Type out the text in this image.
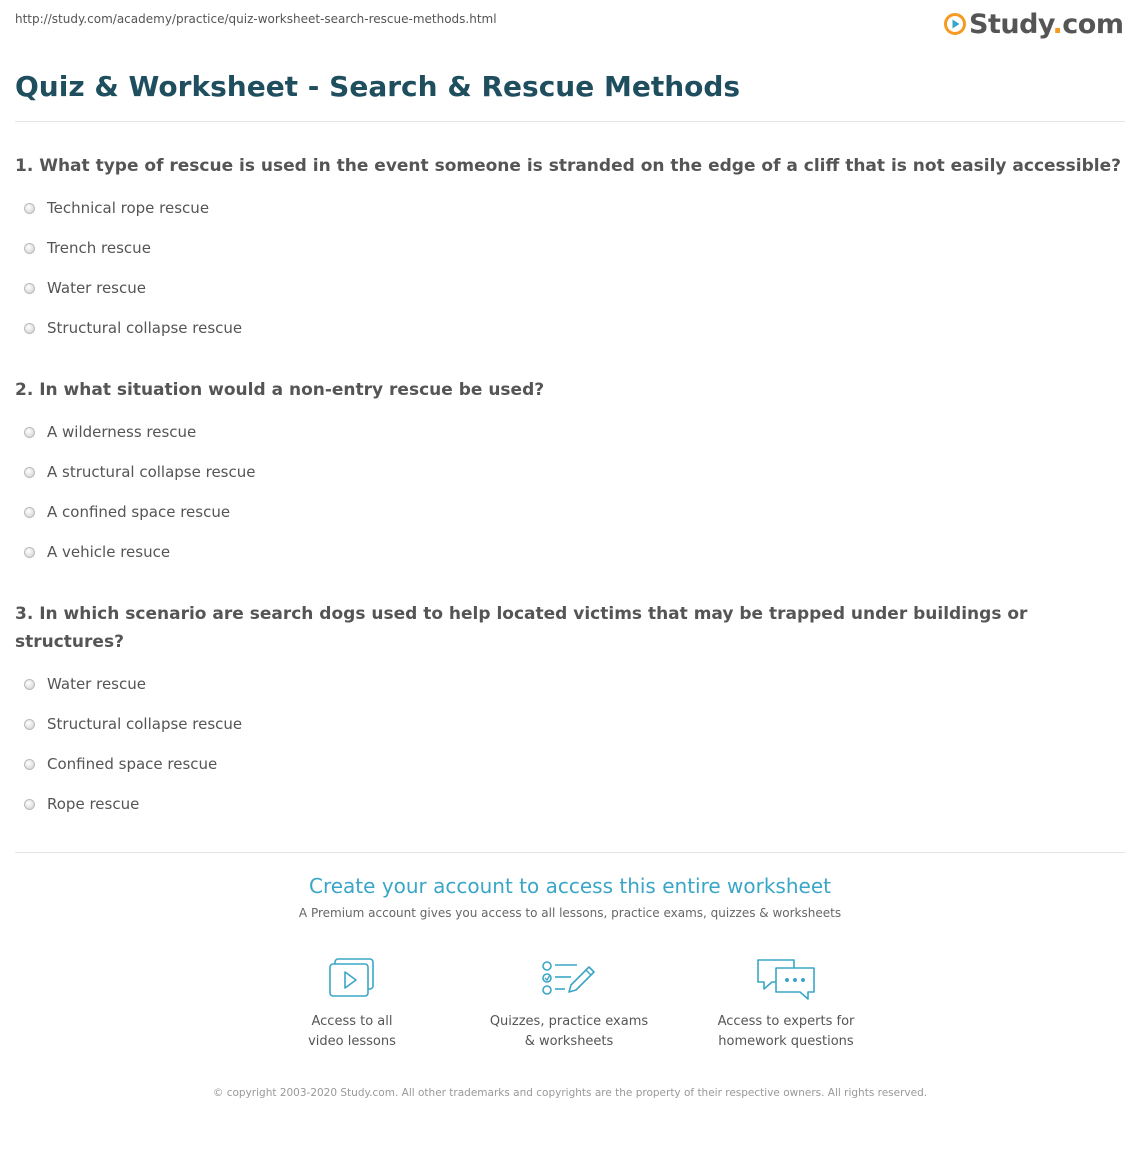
http://study.com/academy/practice/quiz-worksheet-search-rescue-methods.html	Study.com
Quiz & Worksheet - Search & Rescue Methods

1. What type of rescue is used in the event someone is stranded on the edge of a cliff that is not easily accessible?

Technical rope rescue
Trench rescue
Water rescue
Structural collapse rescue

2. In what situation would a non-entry rescue be used?

A wilderness rescue
A structural collapse rescue
A confined space rescue
A vehicle resuce

3. In which scenario are search dogs used to help located victims that may be trapped under buildings or structures?

Water rescue
Structural collapse rescue
Confined space rescue
Rope rescue
Create your account to access this entire worksheet
A Premium account gives you access to all lessons, practice exams, quizzes & worksheets
Access to all
video lessons
Quizzes, practice exams
& worksheets
Access to experts for
homework questions
© copyright 2003-2020 Study.com. All other trademarks and copyrights are the property of their respective owners. All rights reserved.
